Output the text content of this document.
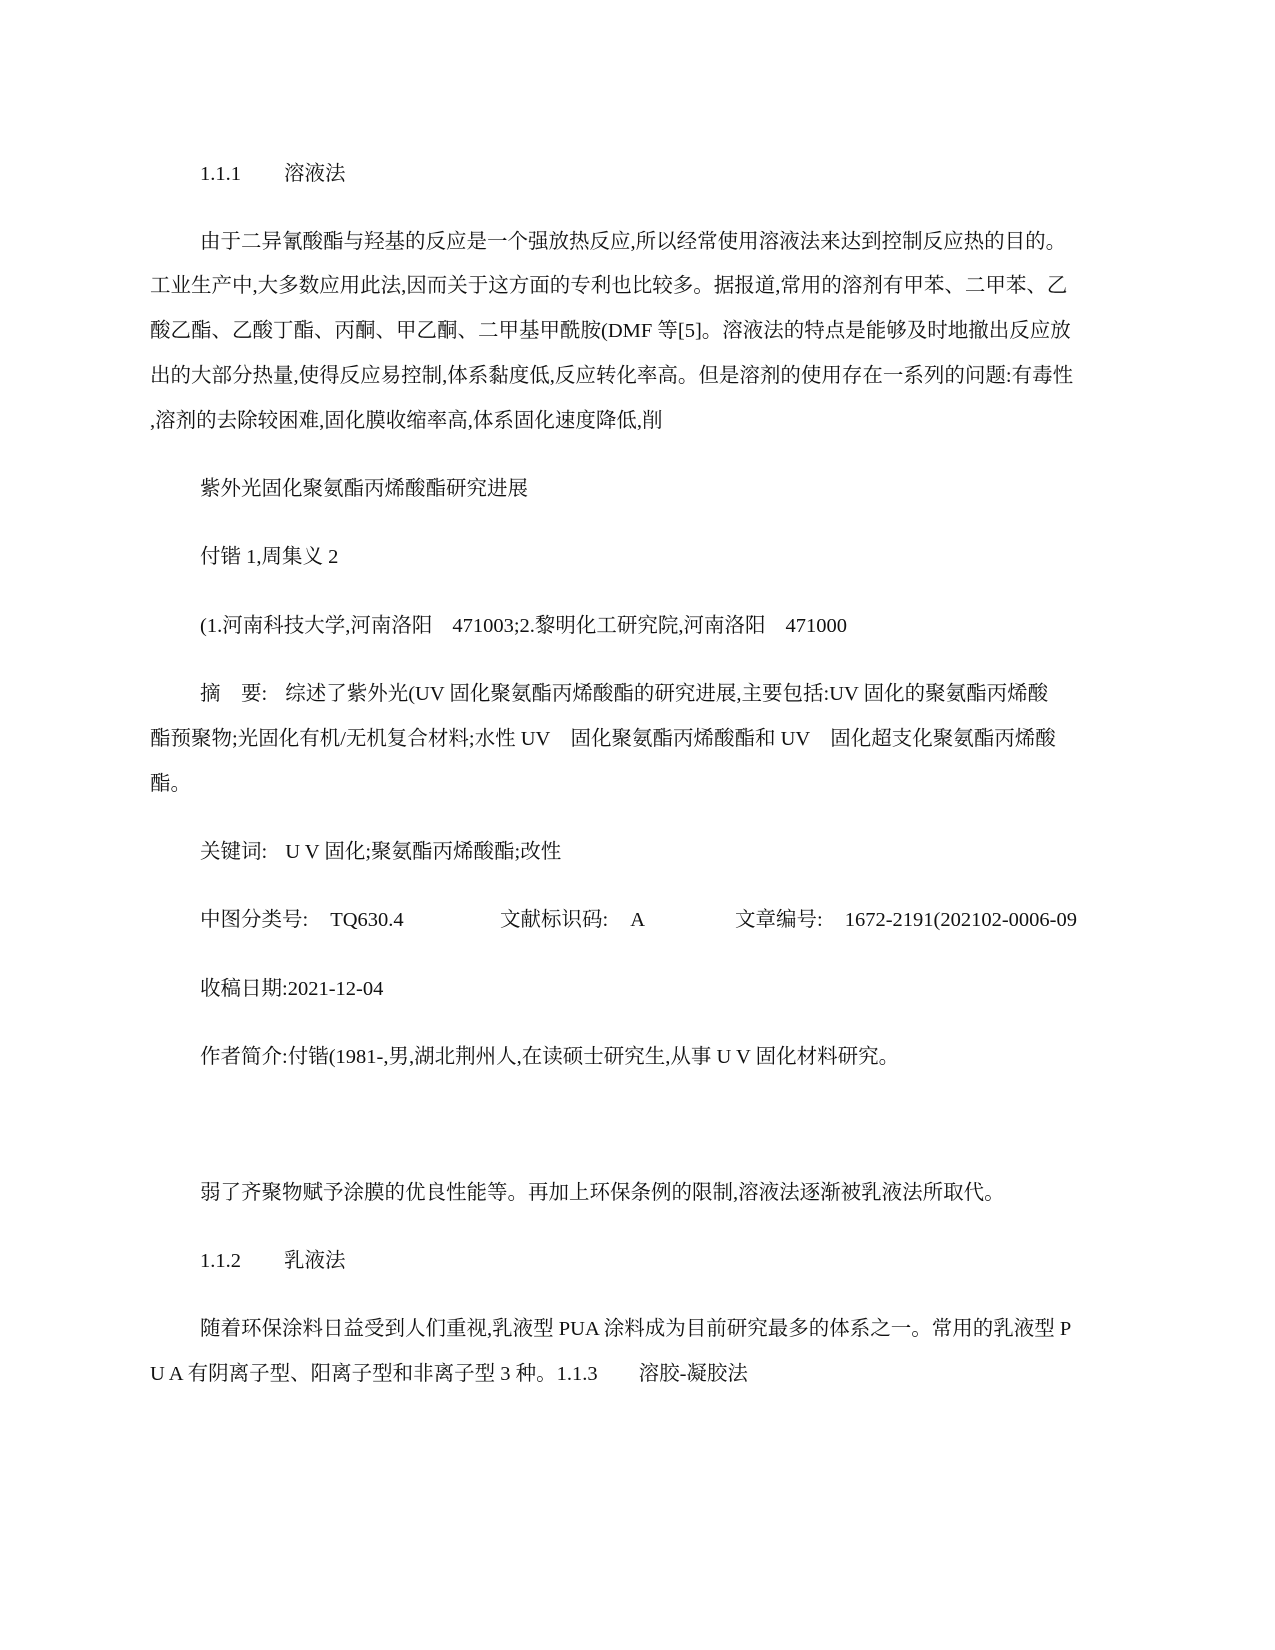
1.1.1 溶液法
由于二异氰酸酯与羟基的反应是一个强放热反应,所以经常使用溶液法来达到控制反应热的目的。
工业生产中,大多数应用此法,因而关于这方面的专利也比较多。据报道,常用的溶剂有甲苯、二甲苯、乙
酸乙酯、乙酸丁酯、丙酮、甲乙酮、二甲基甲酰胺(DMF 等[5]。溶液法的特点是能够及时地撤出反应放
出的大部分热量,使得反应易控制,体系黏度低,反应转化率高。但是溶剂的使用存在一系列的问题:有毒性
,溶剂的去除较困难,固化膜收缩率高,体系固化速度降低,削
紫外光固化聚氨酯丙烯酸酯研究进展
付锴 1,周集义 2
(1.河南科技大学,河南洛阳 471003;2.黎明化工研究院,河南洛阳 471000
摘　要: 综述了紫外光(UV 固化聚氨酯丙烯酸酯的研究进展,主要包括:UV 固化的聚氨酯丙烯酸
酯预聚物;光固化有机/无机复合材料;水性 UV　固化聚氨酯丙烯酸酯和 UV　固化超支化聚氨酯丙烯酸
酯。
关键词: U V 固化;聚氨酯丙烯酸酯;改性
中图分类号: TQ630.4	文献标识码: A	文章编号: 1672-2191(202102-0006-09
收稿日期:2021-12-04
作者简介:付锴(1981-,男,湖北荆州人,在读硕士研究生,从事 U V 固化材料研究。
弱了齐聚物赋予涂膜的优良性能等。再加上环保条例的限制,溶液法逐渐被乳液法所取代。
1.1.2 乳液法
随着环保涂料日益受到人们重视,乳液型 PUA 涂料成为目前研究最多的体系之一。常用的乳液型 P
U A 有阴离子型、阳离子型和非离子型 3 种。1.1.3 溶胶-凝胶法
